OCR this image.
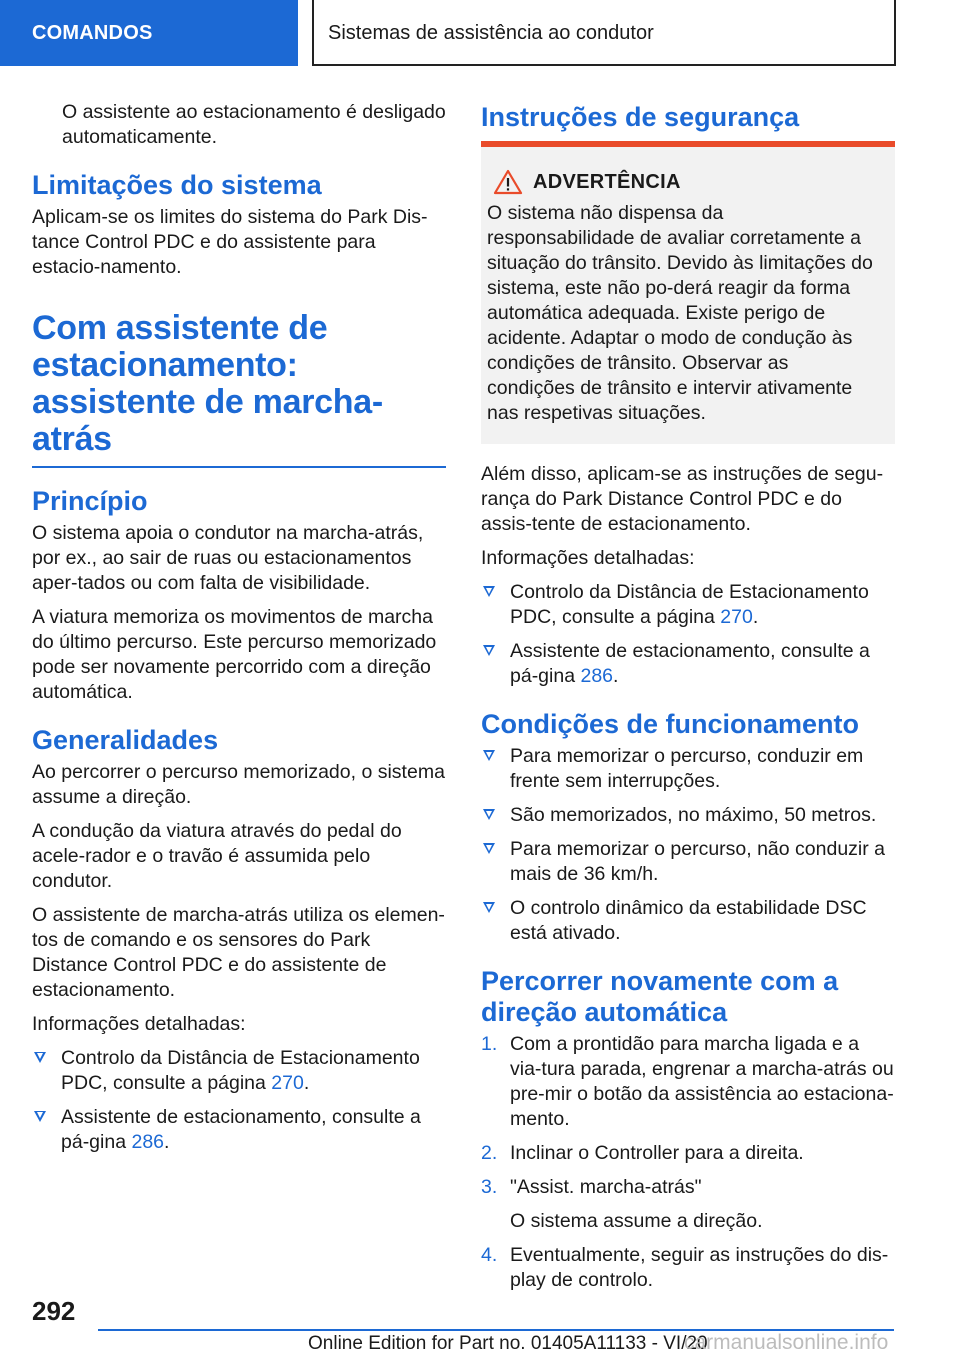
COMANDOS	Sistemas de assistência ao condutor

O assistente ao estacionamento é desligado automaticamente.

Limitações do sistema

Aplicam-se os limites do sistema do Park Dis-tance Control PDC e do assistente para estacio-namento.

Com assistente de estacionamento: assistente de marcha-atrás
Princípio

O sistema apoia o condutor na marcha-atrás, por ex., ao sair de ruas ou estacionamentos aper-tados ou com falta de visibilidade.

A viatura memoriza os movimentos de marcha do último percurso. Este percurso memorizado pode ser novamente percorrido com a direção automática.

Generalidades

Ao percorrer o percurso memorizado, o sistema assume a direção.

A condução da viatura através do pedal do acele-rador e o travão é assumida pelo condutor.

O assistente de marcha-atrás utiliza os elemen-tos de comando e os sensores do Park Distance Control PDC e do assistente de estacionamento.

Informações detalhadas:

Controlo da Distância de Estacionamento PDC, consulte a página 270.
Assistente de estacionamento, consulte a pá-gina 286.
Instruções de segurança
ADVERTÊNCIA

O sistema não dispensa da responsabilidade de avaliar corretamente a situação do trânsito. Devido às limitações do sistema, este não po-derá reagir da forma automática adequada. Existe perigo de acidente. Adaptar o modo de condução às condições de trânsito. Observar as condições de trânsito e intervir ativamente nas respetivas situações.

Além disso, aplicam-se as instruções de segu-rança do Park Distance Control PDC e do assis-tente de estacionamento.

Informações detalhadas:

Controlo da Distância de Estacionamento PDC, consulte a página 270.
Assistente de estacionamento, consulte a pá-gina 286.
Condições de funcionamento
Para memorizar o percurso, conduzir em frente sem interrupções.
São memorizados, no máximo, 50 metros.
Para memorizar o percurso, não conduzir a mais de 36 km/h.
O controlo dinâmico da estabilidade DSC está ativado.
Percorrer novamente com a direção automática
1. Com a prontidão para marcha ligada e a via-tura parada, engrenar a marcha-atrás ou pre-mir o botão da assistência ao estaciona-mento.
2. Inclinar o Controller para a direita.
3. "Assist. marcha-atrás"
O sistema assume a direção.
4. Eventualmente, seguir as instruções do dis-play de controlo.
292
Online Edition for Part no. 01405A11133 - VI/20
carmanualsonline.info
